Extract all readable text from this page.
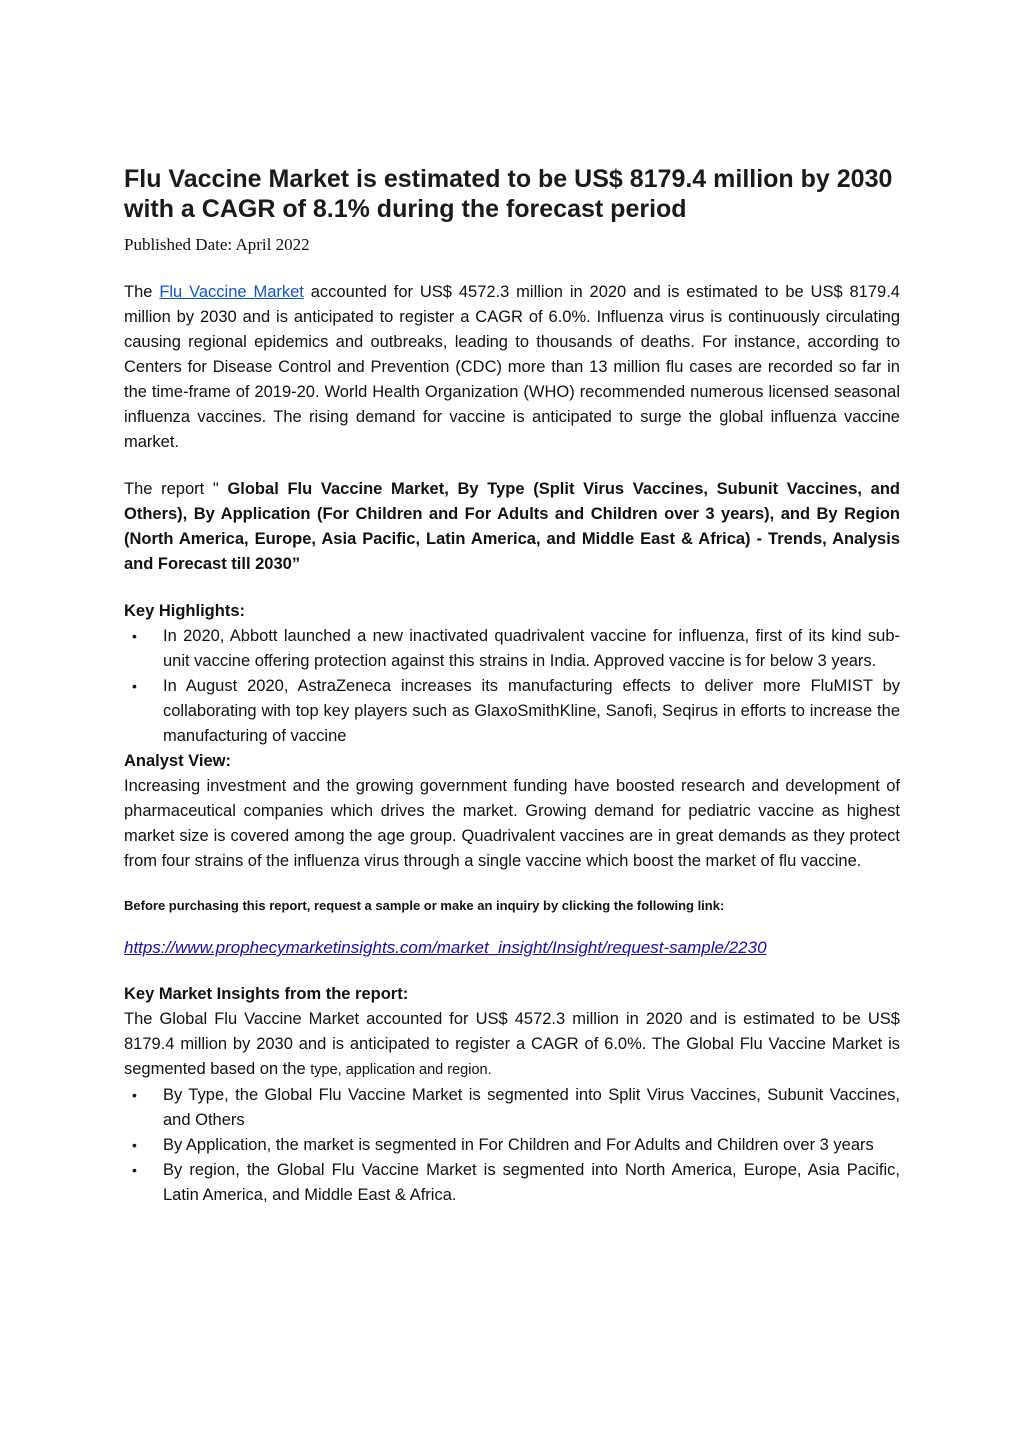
Flu Vaccine Market is estimated to be US$ 8179.4 million by 2030 with a CAGR of 8.1% during the forecast period
Published Date: April 2022

The Flu Vaccine Market accounted for US$ 4572.3 million in 2020 and is estimated to be US$ 8179.4 million by 2030 and is anticipated to register a CAGR of 6.0%. Influenza virus is continuously circulating causing regional epidemics and outbreaks, leading to thousands of deaths. For instance, according to Centers for Disease Control and Prevention (CDC) more than 13 million flu cases are recorded so far in the time-frame of 2019-20. World Health Organization (WHO) recommended numerous licensed seasonal influenza vaccines. The rising demand for vaccine is anticipated to surge the global influenza vaccine market.

The report " Global Flu Vaccine Market, By Type (Split Virus Vaccines, Subunit Vaccines, and Others), By Application (For Children and For Adults and Children over 3 years), and By Region (North America, Europe, Asia Pacific, Latin America, and Middle East & Africa) - Trends, Analysis and Forecast till 2030”

Key Highlights:
• In 2020, Abbott launched a new inactivated quadrivalent vaccine for influenza, first of its kind sub-unit vaccine offering protection against this strains in India. Approved vaccine is for below 3 years.
• In August 2020, AstraZeneca increases its manufacturing effects to deliver more FluMIST by collaborating with top key players such as GlaxoSmithKline, Sanofi, Seqirus in efforts to increase the manufacturing of vaccine
Analyst View:

Increasing investment and the growing government funding have boosted research and development of pharmaceutical companies which drives the market. Growing demand for pediatric vaccine as highest market size is covered among the age group. Quadrivalent vaccines are in great demands as they protect from four strains of the influenza virus through a single vaccine which boost the market of flu vaccine.

Before purchasing this report, request a sample or make an inquiry by clicking the following link:
https://www.prophecymarketinsights.com/market_insight/Insight/request-sample/2230
Key Market Insights from the report:

The Global Flu Vaccine Market accounted for US$ 4572.3 million in 2020 and is estimated to be US$ 8179.4 million by 2030 and is anticipated to register a CAGR of 6.0%. The Global Flu Vaccine Market is segmented based on the type, application and region.

• By Type, the Global Flu Vaccine Market is segmented into Split Virus Vaccines, Subunit Vaccines, and Others
• By Application, the market is segmented in For Children and For Adults and Children over 3 years
• By region, the Global Flu Vaccine Market is segmented into North America, Europe, Asia Pacific, Latin America, and Middle East & Africa.
